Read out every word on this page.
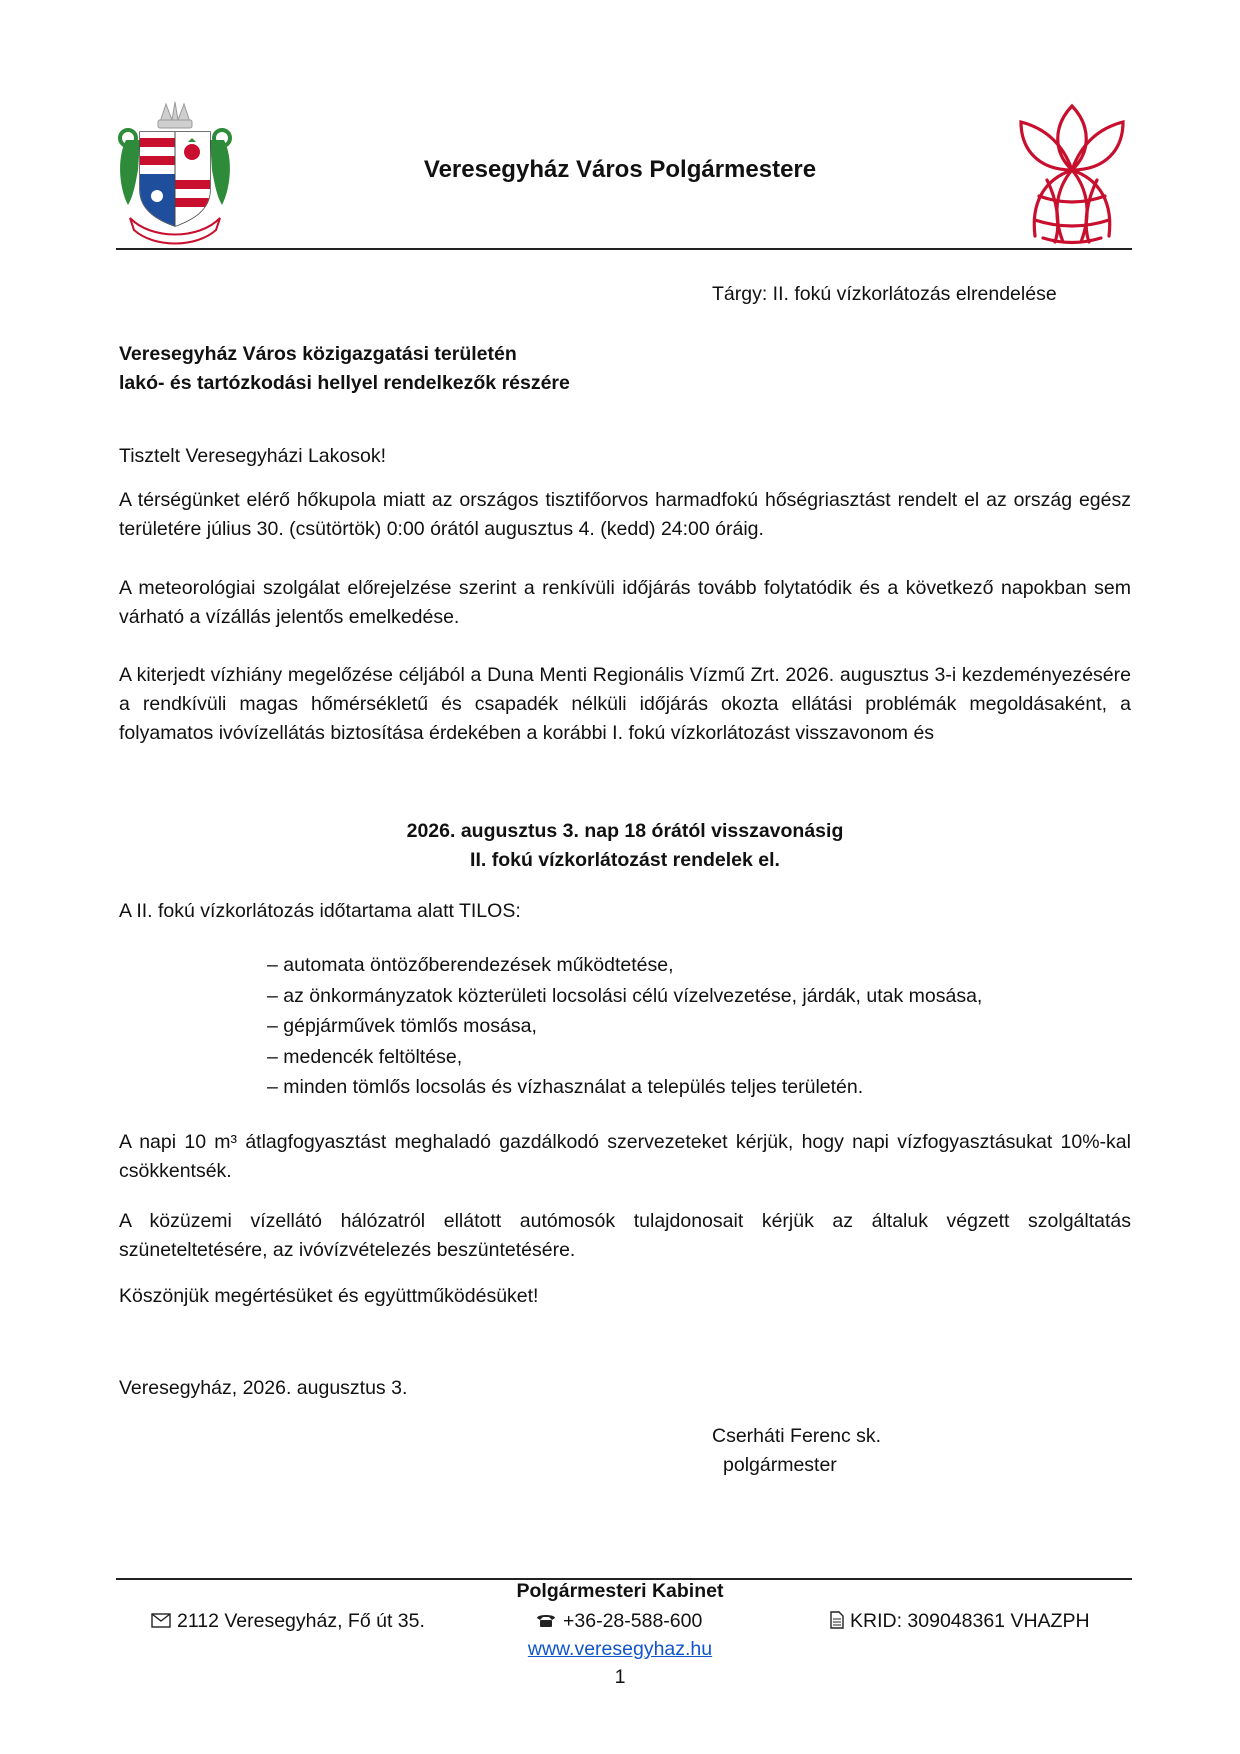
Veresegyház Város Polgármestere
Tárgy: II. fokú vízkorlátozás elrendelése
Veresegyház Város közigazgatási területén
lakó- és tartózkodási hellyel rendelkezők részére
Tisztelt Veresegyházi Lakosok!
A térségünket elérő hőkupola miatt az országos tisztifőorvos harmadfokú hőségriasztást rendelt el az ország egész területére július 30. (csütörtök) 0:00 órától augusztus 4. (kedd) 24:00 óráig.
A meteorológiai szolgálat előrejelzése szerint a renkívüli időjárás tovább folytatódik és a következő napokban sem várható a vízállás jelentős emelkedése.
A kiterjedt vízhiány megelőzése céljából a Duna Menti Regionális Vízmű Zrt. 2026. augusztus 3-i kezdeményezésére a rendkívüli magas hőmérsékletű és csapadék nélküli időjárás okozta ellátási problémák megoldásaként, a folyamatos ivóvízellátás biztosítása érdekében a korábbi I. fokú vízkorlátozást visszavonom és
2026. augusztus 3. nap 18 órától visszavonásig
II. fokú vízkorlátozást rendelek el.
A II. fokú vízkorlátozás időtartama alatt TILOS:
– automata öntözőberendezések működtetése,
– az önkormányzatok közterületi locsolási célú vízelvezetése, járdák, utak mosása,
– gépjárművek tömlős mosása,
– medencék feltöltése,
– minden tömlős locsolás és vízhasználat a település teljes területén.
A napi 10 m³ átlagfogyasztást meghaladó gazdálkodó szervezeteket kérjük, hogy napi vízfogyasztásukat 10%-kal csökkentsék.
A közüzemi vízellátó hálózatról ellátott autómosók tulajdonosait kérjük az általuk végzett szolgáltatás szüneteltetésére, az ivóvízvételezés beszüntetésére.
Köszönjük megértésüket és együttműködésüket!
Veresegyház, 2026. augusztus 3.
Cserháti Ferenc sk.
polgármester
Polgármesteri Kabinet
2112 Veresegyház, Fő út 35.	+36-28-588-600	KRID: 309048361 VHAZPH
www.veresegyhaz.hu
1
